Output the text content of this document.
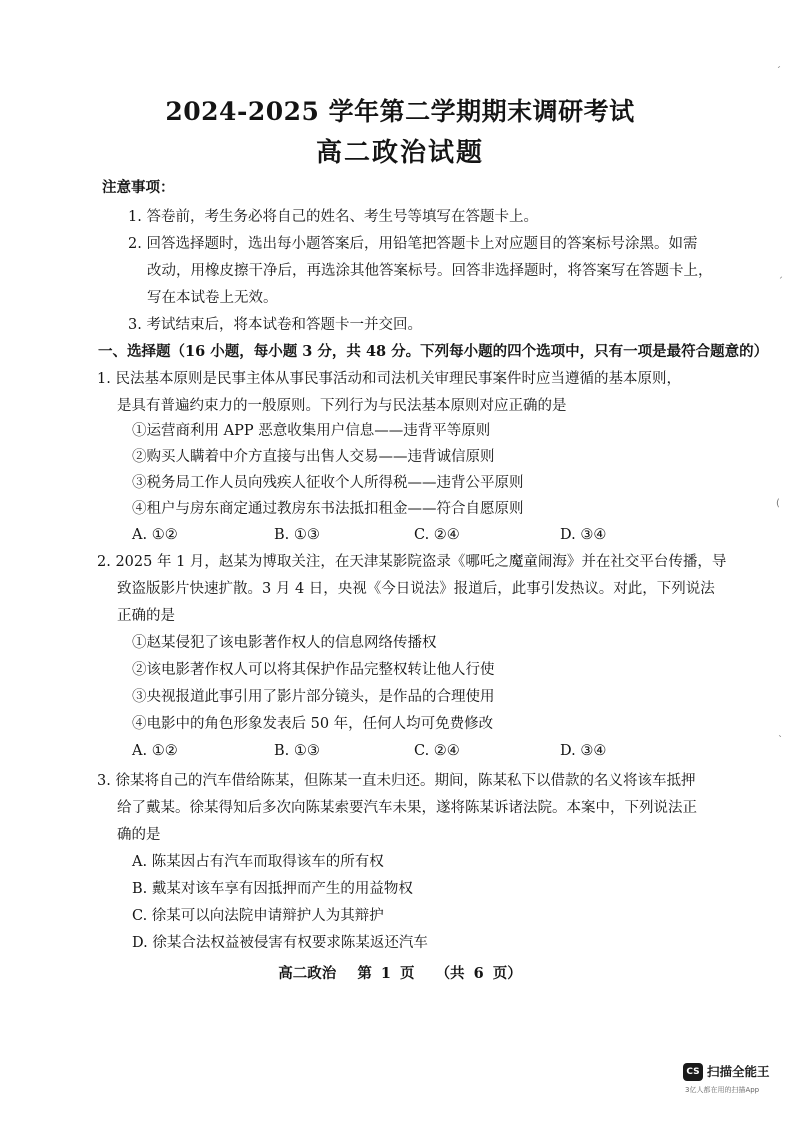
2024-2025 学年第二学期期末调研考试
高二政治试题
注意事项：
1. 答卷前，考生务必将自己的姓名、考生号等填写在答题卡上。
2. 回答选择题时，选出每小题答案后，用铅笔把答题卡上对应题目的答案标号涂黑。如需
改动，用橡皮擦干净后，再选涂其他答案标号。回答非选择题时，将答案写在答题卡上，
写在本试卷上无效。
3. 考试结束后，将本试卷和答题卡一并交回。
一、选择题（16 小题，每小题 3 分，共 48 分。下列每小题的四个选项中，只有一项是最符合题意的）
1. 民法基本原则是民事主体从事民事活动和司法机关审理民事案件时应当遵循的基本原则，
是具有普遍约束力的一般原则。下列行为与民法基本原则对应正确的是
①运营商利用 APP 恶意收集用户信息——违背平等原则
②购买人瞒着中介方直接与出售人交易——违背诚信原则
③税务局工作人员向残疾人征收个人所得税——违背公平原则
④租户与房东商定通过教房东书法抵扣租金——符合自愿原则
A. ①②	B. ①③	C. ②④	D. ③④
2. 2025 年 1 月，赵某为博取关注，在天津某影院盗录《哪吒之魔童闹海》并在社交平台传播，导
致盗版影片快速扩散。3 月 4 日，央视《今日说法》报道后，此事引发热议。对此，下列说法
正确的是
①赵某侵犯了该电影著作权人的信息网络传播权
②该电影著作权人可以将其保护作品完整权转让他人行使
③央视报道此事引用了影片部分镜头，是作品的合理使用
④电影中的角色形象发表后 50 年，任何人均可免费修改
A. ①②	B. ①③	C. ②④	D. ③④
3. 徐某将自己的汽车借给陈某，但陈某一直未归还。期间，陈某私下以借款的名义将该车抵押
给了戴某。徐某得知后多次向陈某索要汽车未果，遂将陈某诉诸法院。本案中，下列说法正
确的是
A. 陈某因占有汽车而取得该车的所有权
B. 戴某对该车享有因抵押而产生的用益物权
C. 徐某可以向法院申请辩护人为其辩护
D. 徐某合法权益被侵害有权要求陈某返还汽车
高二政治 第 1 页 （共 6 页）
CS 扫描全能王
3亿人都在用的扫描App
ˊ
ˏ
(
ˋ
